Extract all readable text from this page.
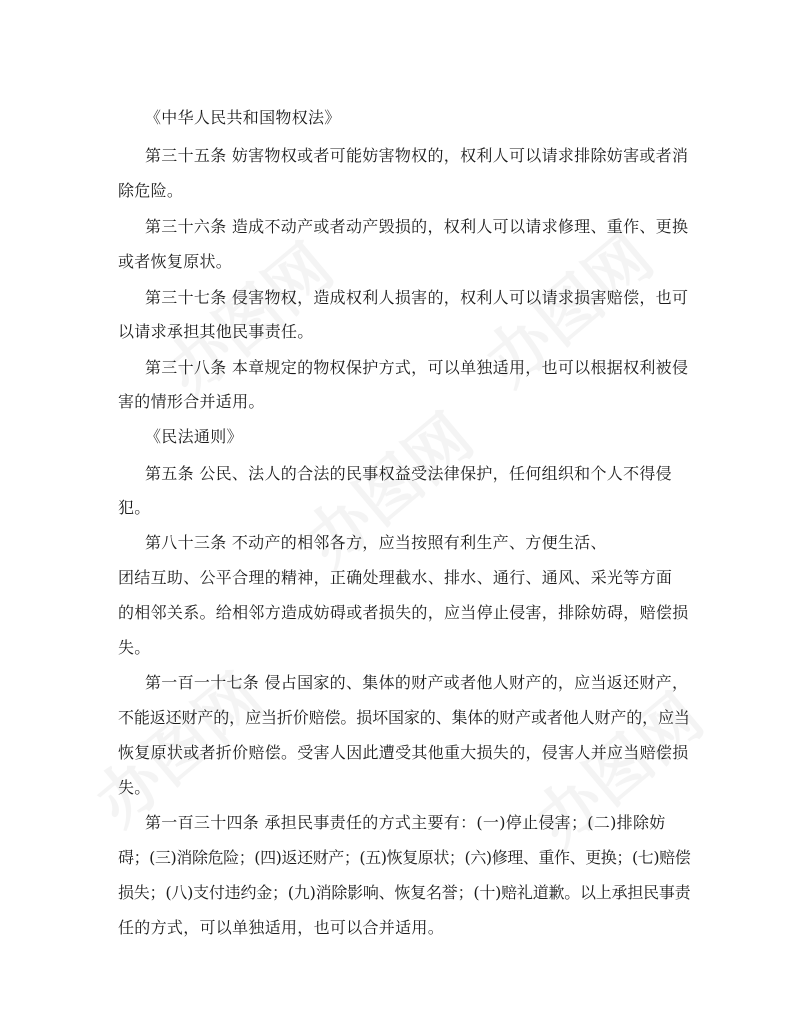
《中华人民共和国物权法》
第三十五条 妨害物权或者可能妨害物权的，权利人可以请求排除妨害或者消
除危险。
第三十六条 造成不动产或者动产毁损的，权利人可以请求修理、重作、更换
或者恢复原状。
第三十七条 侵害物权，造成权利人损害的，权利人可以请求损害赔偿，也可
以请求承担其他民事责任。
第三十八条 本章规定的物权保护方式，可以单独适用，也可以根据权利被侵
害的情形合并适用。
《民法通则》
第五条 公民、法人的合法的民事权益受法律保护，任何组织和个人不得侵
犯。
第八十三条 不动产的相邻各方，应当按照有利生产、方便生活、
团结互助、公平合理的精神，正确处理截水、排水、通行、通风、采光等方面
的相邻关系。给相邻方造成妨碍或者损失的，应当停止侵害，排除妨碍，赔偿损
失。
第一百一十七条 侵占国家的、集体的财产或者他人财产的，应当返还财产，
不能返还财产的，应当折价赔偿。损坏国家的、集体的财产或者他人财产的，应当
恢复原状或者折价赔偿。受害人因此遭受其他重大损失的，侵害人并应当赔偿损
失。
第一百三十四条 承担民事责任的方式主要有：(一)停止侵害；(二)排除妨
碍；(三)消除危险；(四)返还财产；(五)恢复原状；(六)修理、重作、更换；(七)赔偿
损失；(八)支付违约金；(九)消除影响、恢复名誉；(十)赔礼道歉。以上承担民事责
任的方式，可以单独适用，也可以合并适用。
